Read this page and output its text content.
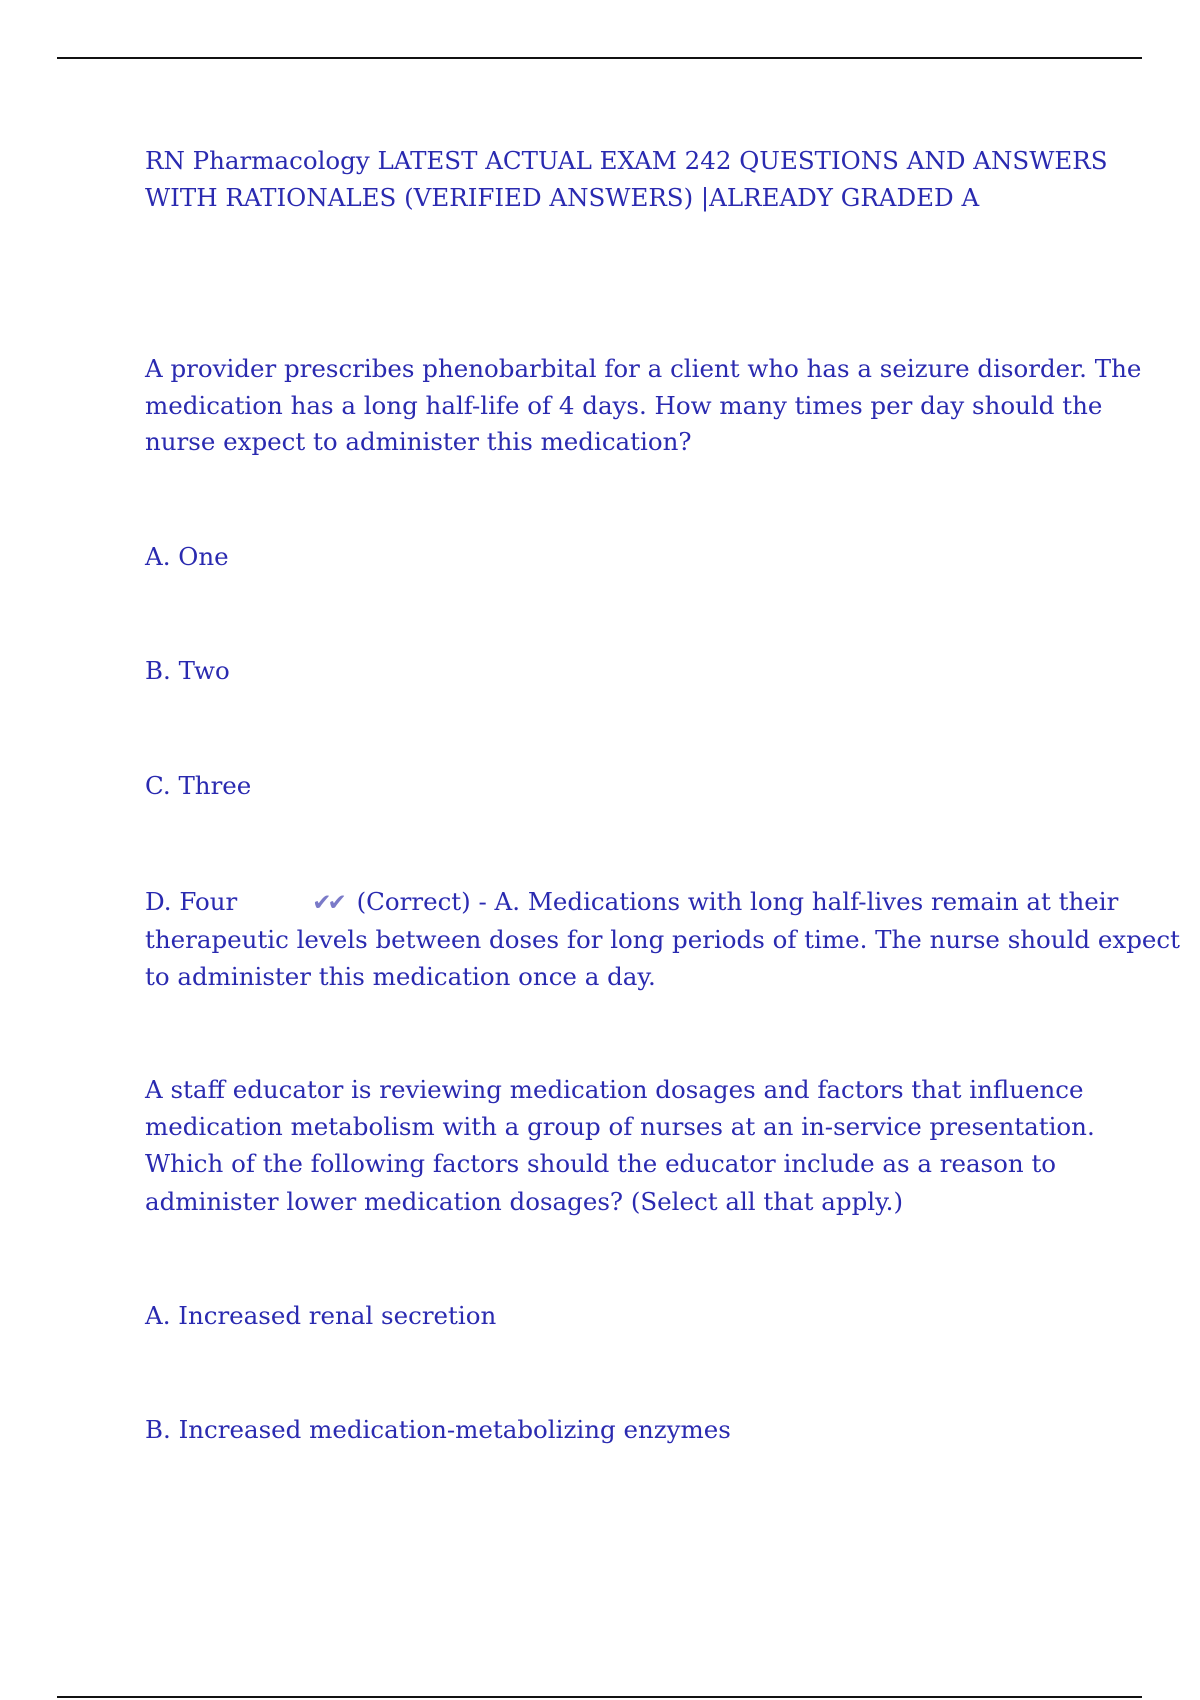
RN Pharmacology LATEST ACTUAL EXAM 242 QUESTIONS AND ANSWERS

WITH RATIONALES (VERIFIED ANSWERS) |ALREADY GRADED A

A provider prescribes phenobarbital for a client who has a seizure disorder. The

medication has a long half-life of 4 days. How many times per day should the

nurse expect to administer this medication?

A. One

B. Two

C. Three

D. Four	✔✔ (Correct) - A. Medications with long half-lives remain at their

therapeutic levels between doses for long periods of time. The nurse should expect

to administer this medication once a day.

A staff educator is reviewing medication dosages and factors that influence

medication metabolism with a group of nurses at an in-service presentation.

Which of the following factors should the educator include as a reason to

administer lower medication dosages? (Select all that apply.)

A. Increased renal secretion

B. Increased medication-metabolizing enzymes
